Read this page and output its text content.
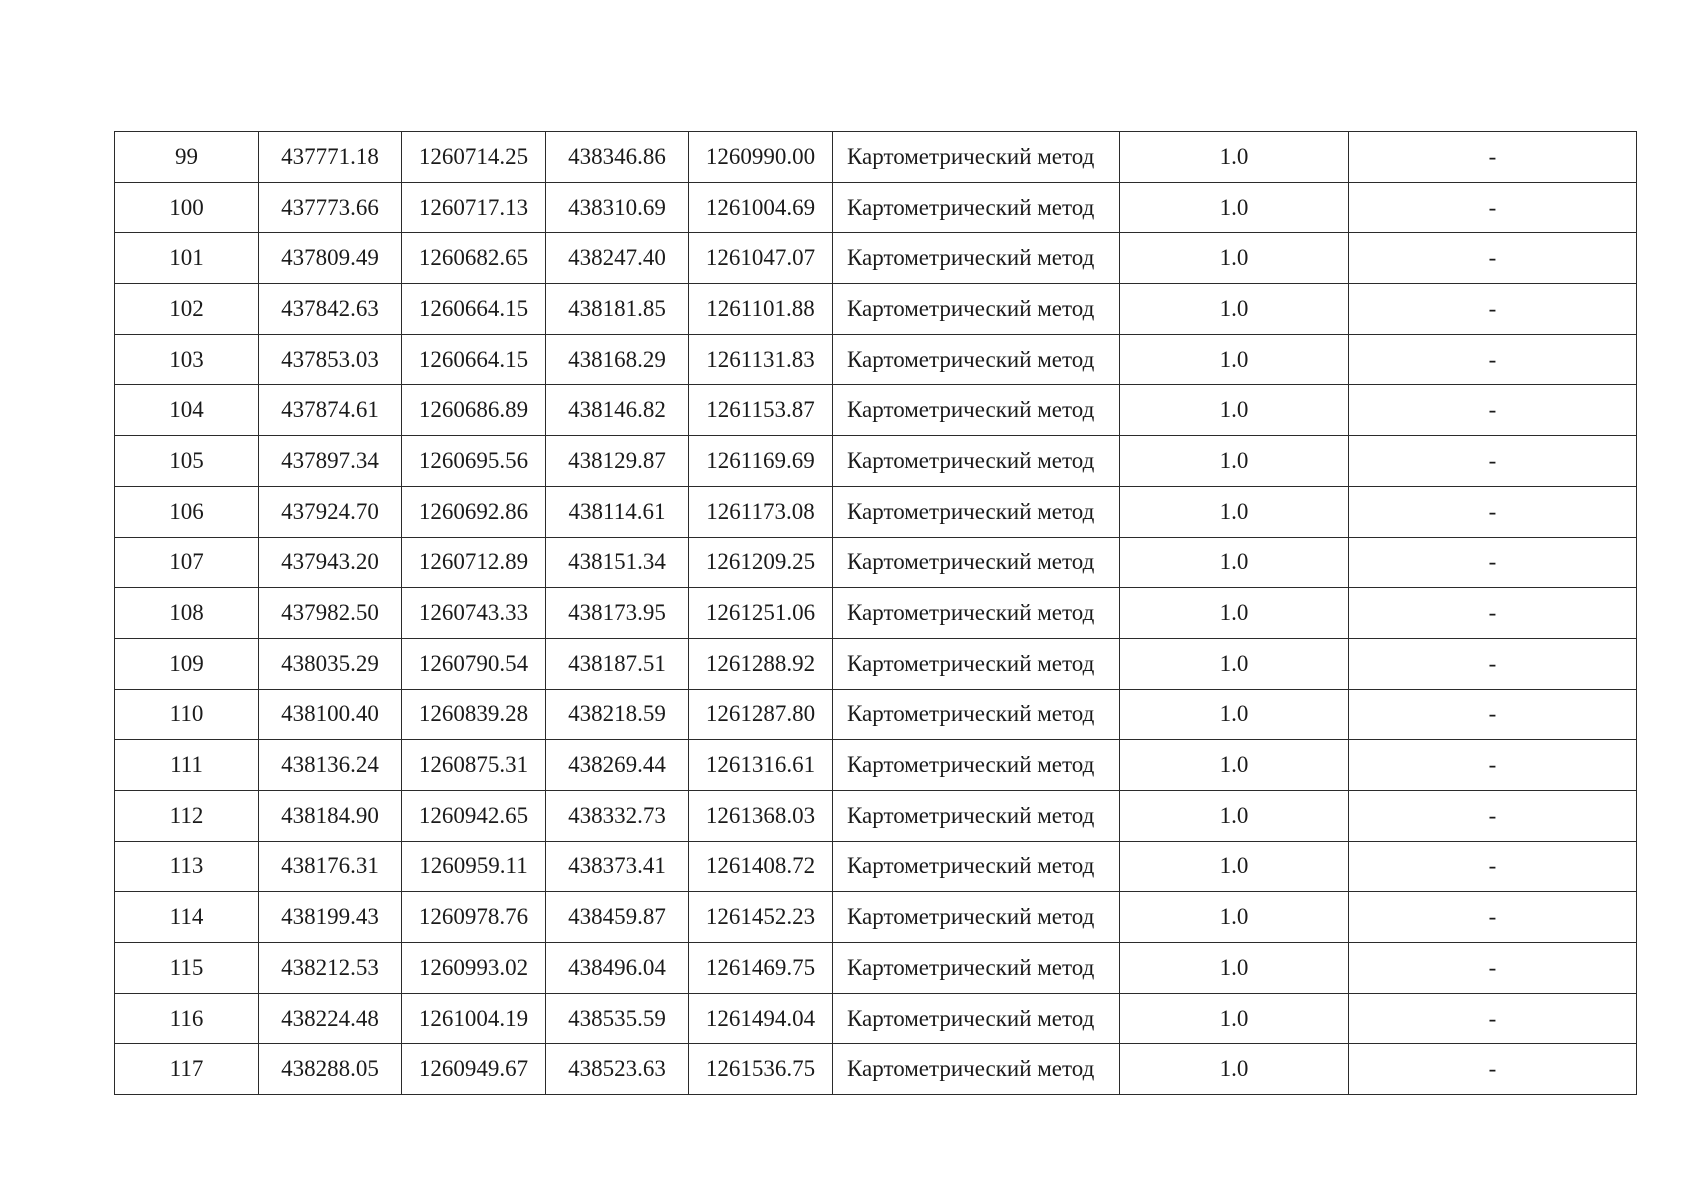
99	437771.18	1260714.25	438346.86	1260990.00	Картометрический метод	1.0	-
100	437773.66	1260717.13	438310.69	1261004.69	Картометрический метод	1.0	-
101	437809.49	1260682.65	438247.40	1261047.07	Картометрический метод	1.0	-
102	437842.63	1260664.15	438181.85	1261101.88	Картометрический метод	1.0	-
103	437853.03	1260664.15	438168.29	1261131.83	Картометрический метод	1.0	-
104	437874.61	1260686.89	438146.82	1261153.87	Картометрический метод	1.0	-
105	437897.34	1260695.56	438129.87	1261169.69	Картометрический метод	1.0	-
106	437924.70	1260692.86	438114.61	1261173.08	Картометрический метод	1.0	-
107	437943.20	1260712.89	438151.34	1261209.25	Картометрический метод	1.0	-
108	437982.50	1260743.33	438173.95	1261251.06	Картометрический метод	1.0	-
109	438035.29	1260790.54	438187.51	1261288.92	Картометрический метод	1.0	-
110	438100.40	1260839.28	438218.59	1261287.80	Картометрический метод	1.0	-
111	438136.24	1260875.31	438269.44	1261316.61	Картометрический метод	1.0	-
112	438184.90	1260942.65	438332.73	1261368.03	Картометрический метод	1.0	-
113	438176.31	1260959.11	438373.41	1261408.72	Картометрический метод	1.0	-
114	438199.43	1260978.76	438459.87	1261452.23	Картометрический метод	1.0	-
115	438212.53	1260993.02	438496.04	1261469.75	Картометрический метод	1.0	-
116	438224.48	1261004.19	438535.59	1261494.04	Картометрический метод	1.0	-
117	438288.05	1260949.67	438523.63	1261536.75	Картометрический метод	1.0	-
